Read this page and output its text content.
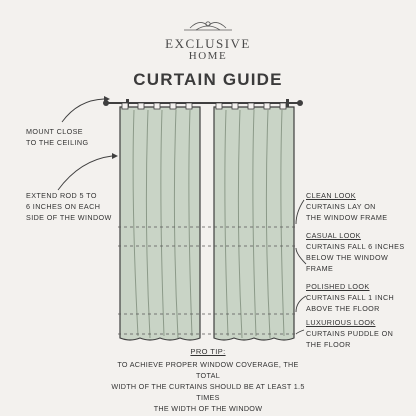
EXCLUSIVE
HOME
CURTAIN GUIDE
MOUNT CLOSE
TO THE CEILING
EXTEND ROD 5 TO
6 INCHES ON EACH
SIDE OF THE WINDOW
CLEAN LOOK
CURTAINS LAY ON
THE WINDOW FRAME
CASUAL LOOK
CURTAINS FALL 6 INCHES
BELOW THE WINDOW FRAME
POLISHED LOOK
CURTAINS FALL 1 INCH
ABOVE THE FLOOR
LUXURIOUS LOOK
CURTAINS PUDDLE ON
THE FLOOR
PRO TIP:
TO ACHIEVE PROPER WINDOW COVERAGE, THE TOTAL
WIDTH OF THE CURTAINS SHOULD BE AT LEAST 1.5 TIMES
THE WIDTH OF THE WINDOW
